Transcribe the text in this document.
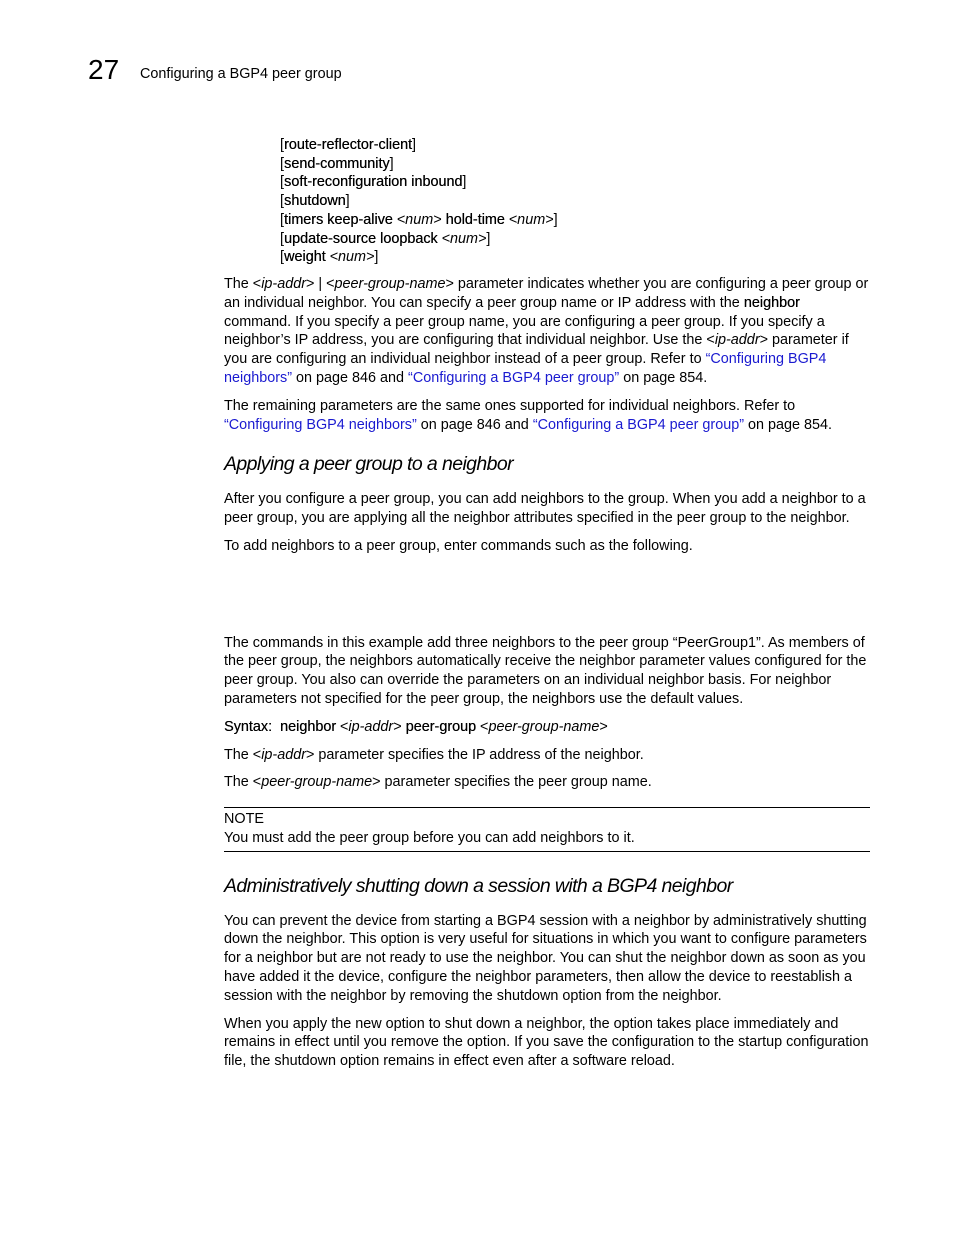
27 Configuring a BGP4 peer group
[route-reflector-client]
[send-community]
[soft-reconfiguration inbound]
[shutdown]
[timers keep-alive <num> hold-time <num>]
[update-source loopback <num>]
[weight <num>]

The <ip-addr> | <peer-group-name> parameter indicates whether you are configuring a peer group or an individual neighbor. You can specify a peer group name or IP address with the neighbor command. If you specify a peer group name, you are configuring a peer group. If you specify a neighbor’s IP address, you are configuring that individual neighbor. Use the <ip-addr> parameter if you are configuring an individual neighbor instead of a peer group. Refer to “Configuring BGP4 neighbors” on page 846 and “Configuring a BGP4 peer group” on page 854.

The remaining parameters are the same ones supported for individual neighbors. Refer to “Configuring BGP4 neighbors” on page 846 and “Configuring a BGP4 peer group” on page 854.

Applying a peer group to a neighbor

After you configure a peer group, you can add neighbors to the group. When you add a neighbor to a peer group, you are applying all the neighbor attributes specified in the peer group to the neighbor.

To add neighbors to a peer group, enter commands such as the following.

The commands in this example add three neighbors to the peer group “PeerGroup1”. As members of the peer group, the neighbors automatically receive the neighbor parameter values configured for the peer group. You also can override the parameters on an individual neighbor basis. For neighbor parameters not specified for the peer group, the neighbors use the default values.

Syntax: neighbor <ip-addr> peer-group <peer-group-name>

The <ip-addr> parameter specifies the IP address of the neighbor.

The <peer-group-name> parameter specifies the peer group name.

NOTE
You must add the peer group before you can add neighbors to it.
Administratively shutting down a session with a BGP4 neighbor

You can prevent the device from starting a BGP4 session with a neighbor by administratively shutting down the neighbor. This option is very useful for situations in which you want to configure parameters for a neighbor but are not ready to use the neighbor. You can shut the neighbor down as soon as you have added it the device, configure the neighbor parameters, then allow the device to reestablish a session with the neighbor by removing the shutdown option from the neighbor.

When you apply the new option to shut down a neighbor, the option takes place immediately and remains in effect until you remove the option. If you save the configuration to the startup configuration file, the shutdown option remains in effect even after a software reload.
